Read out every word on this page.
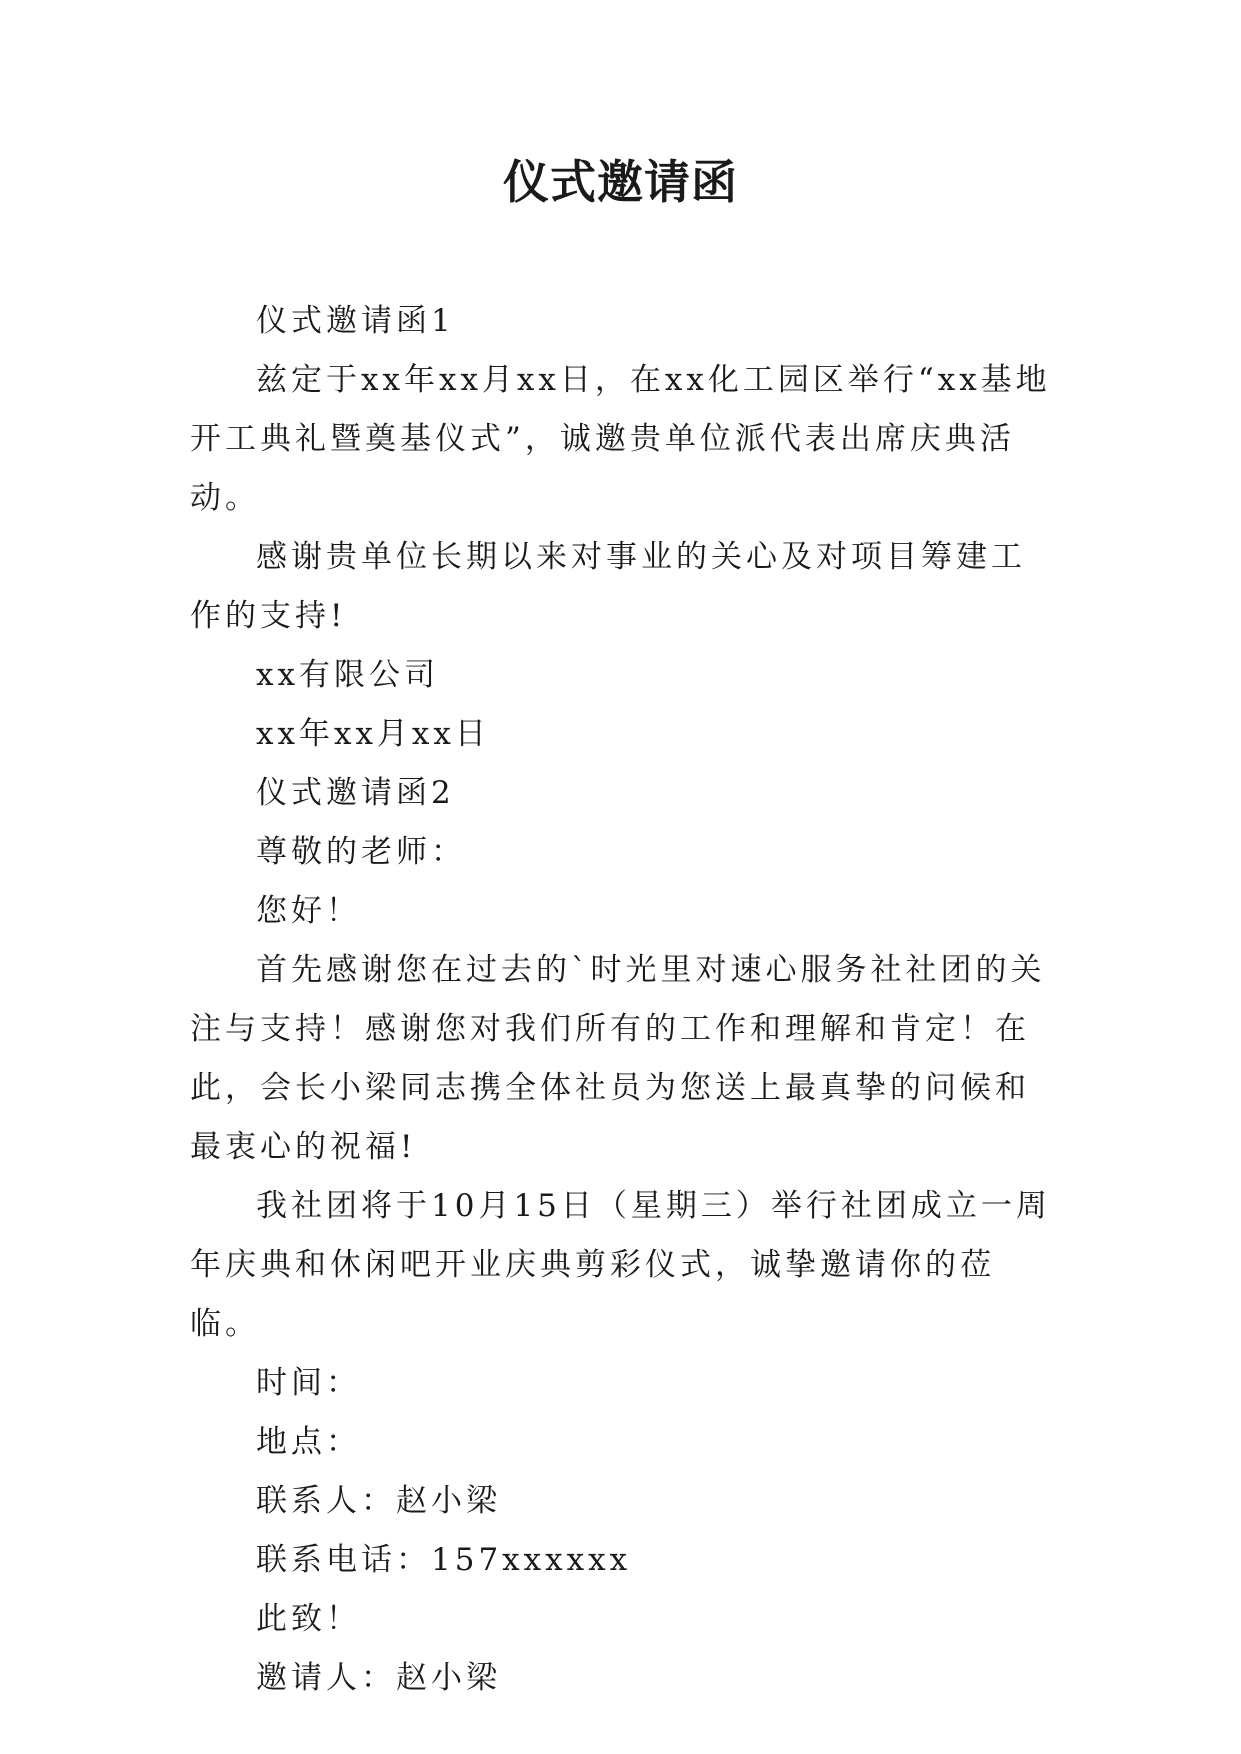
仪式邀请函

仪式邀请函1

兹定于xx年xx月xx日，在xx化工园区举行“xx基地开工典礼暨奠基仪式”，诚邀贵单位派代表出席庆典活动。

感谢贵单位长期以来对事业的关心及对项目筹建工作的支持!

xx有限公司

xx年xx月xx日

仪式邀请函2

尊敬的老师：

您好！

首先感谢您在过去的`时光里对速心服务社社团的关注与支持！感谢您对我们所有的工作和理解和肯定！在此，会长小梁同志携全体社员为您送上最真挚的问候和最衷心的祝福!

我社团将于10月15日（星期三）举行社团成立一周年庆典和休闲吧开业庆典剪彩仪式，诚挚邀请你的莅临。

时间：

地点：

联系人：赵小梁

联系电话：157xxxxxx

此致！

邀请人：赵小梁
